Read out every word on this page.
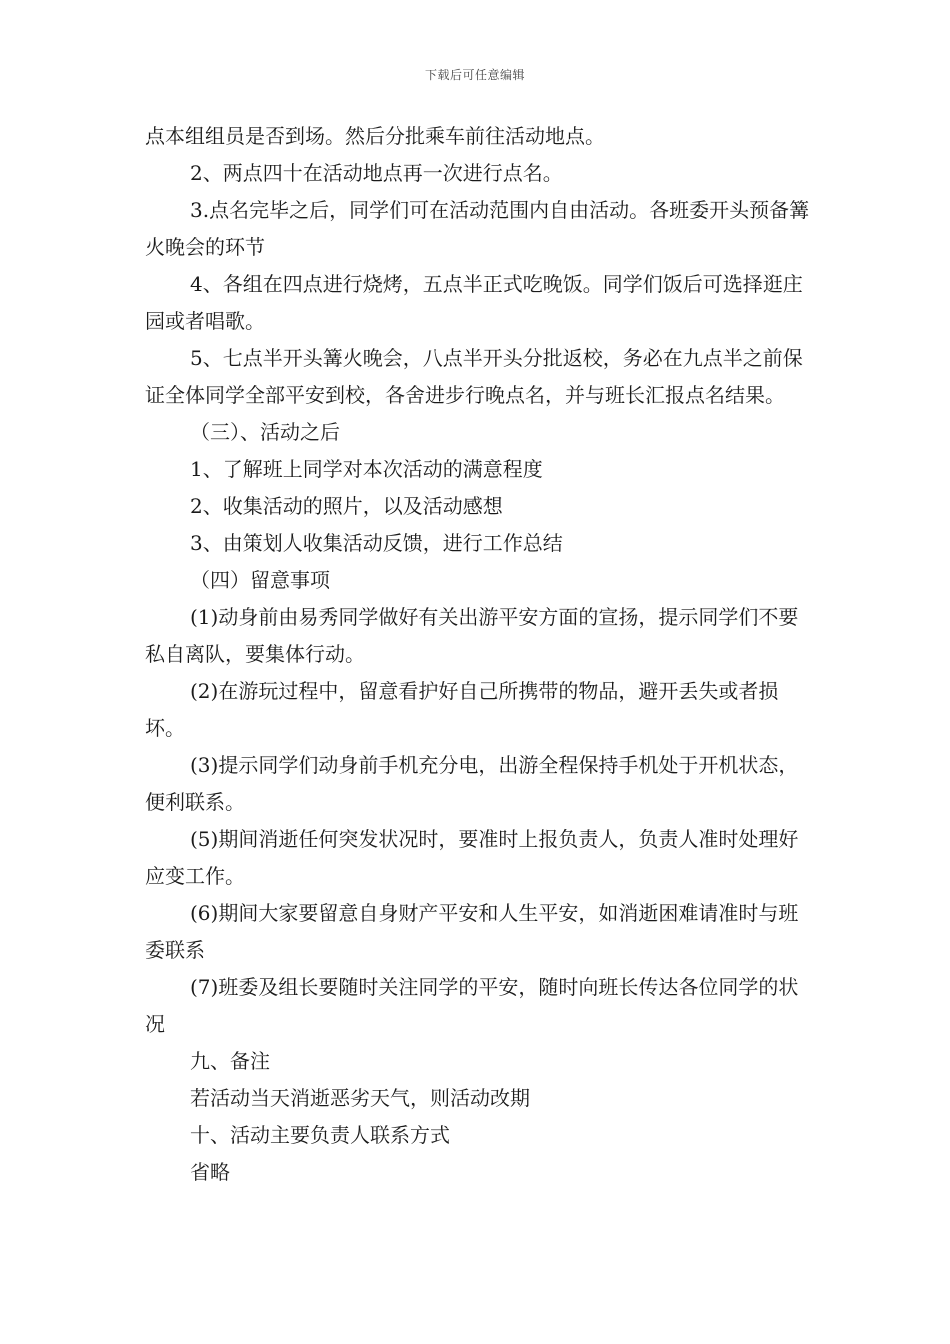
下载后可任意编辑

点本组组员是否到场。然后分批乘车前往活动地点。

2、两点四十在活动地点再一次进行点名。

3.点名完毕之后，同学们可在活动范围内自由活动。各班委开头预备篝火晚会的环节

4、各组在四点进行烧烤，五点半正式吃晚饭。同学们饭后可选择逛庄园或者唱歌。

5、七点半开头篝火晚会，八点半开头分批返校，务必在九点半之前保证全体同学全部平安到校，各舍进步行晚点名，并与班长汇报点名结果。

（三）、活动之后

1、了解班上同学对本次活动的满意程度

2、收集活动的照片，以及活动感想

3、由策划人收集活动反馈，进行工作总结

（四）留意事项

(1)动身前由易秀同学做好有关出游平安方面的宣扬，提示同学们不要私自离队，要集体行动。

(2)在游玩过程中，留意看护好自己所携带的物品，避开丢失或者损坏。

(3)提示同学们动身前手机充分电，出游全程保持手机处于开机状态，便利联系。

(5)期间消逝任何突发状况时，要准时上报负责人，负责人准时处理好应变工作。

(6)期间大家要留意自身财产平安和人生平安，如消逝困难请准时与班委联系

(7)班委及组长要随时关注同学的平安，随时向班长传达各位同学的状况

九、备注

若活动当天消逝恶劣天气，则活动改期

十、活动主要负责人联系方式

省略
